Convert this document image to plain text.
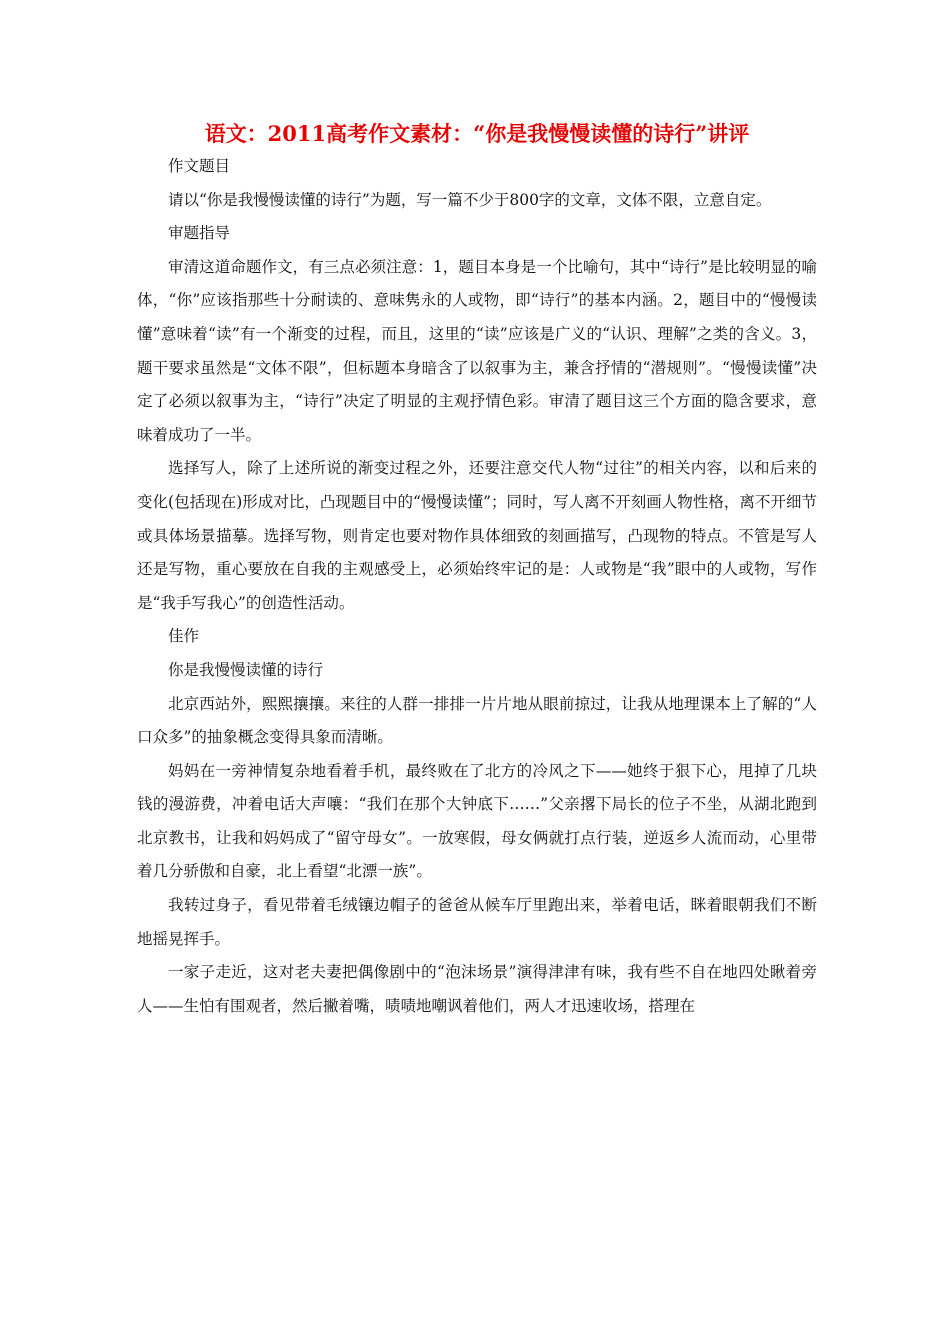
语文：2011高考作文素材：“你是我慢慢读懂的诗行”讲评

作文题目

请以“你是我慢慢读懂的诗行”为题，写一篇不少于800字的文章，文体不限，立意自定。

审题指导

审清这道命题作文，有三点必须注意：1，题目本身是一个比喻句，其中“诗行”是比较明显的喻体，“你”应该指那些十分耐读的、意味隽永的人或物，即“诗行”的基本内涵。2，题目中的“慢慢读懂”意味着“读”有一个渐变的过程，而且，这里的“读”应该是广义的“认识、理解”之类的含义。3，题干要求虽然是“文体不限”，但标题本身暗含了以叙事为主，兼含抒情的“潜规则”。“慢慢读懂”决定了必须以叙事为主，“诗行”决定了明显的主观抒情色彩。审清了题目这三个方面的隐含要求，意味着成功了一半。

选择写人，除了上述所说的渐变过程之外，还要注意交代人物“过往”的相关内容，以和后来的变化(包括现在)形成对比，凸现题目中的“慢慢读懂”；同时，写人离不开刻画人物性格，离不开细节或具体场景描摹。选择写物，则肯定也要对物作具体细致的刻画描写，凸现物的特点。不管是写人还是写物，重心要放在自我的主观感受上，必须始终牢记的是：人或物是“我”眼中的人或物，写作是“我手写我心”的创造性活动。

佳作

你是我慢慢读懂的诗行

北京西站外，熙熙攘攘。来往的人群一排排一片片地从眼前掠过，让我从地理课本上了解的“人口众多”的抽象概念变得具象而清晰。

妈妈在一旁神情复杂地看着手机，最终败在了北方的冷风之下——她终于狠下心，甩掉了几块钱的漫游费，冲着电话大声嚷：“我们在那个大钟底下……”父亲撂下局长的位子不坐，从湖北跑到北京教书，让我和妈妈成了“留守母女”。一放寒假，母女俩就打点行装，逆返乡人流而动，心里带着几分骄傲和自豪，北上看望“北漂一族”。

我转过身子，看见带着毛绒镶边帽子的爸爸从候车厅里跑出来，举着电话，眯着眼朝我们不断地摇晃挥手。

一家子走近，这对老夫妻把偶像剧中的“泡沫场景”演得津津有味，我有些不自在地四处瞅着旁人——生怕有围观者，然后撇着嘴，啧啧地嘲讽着他们，两人才迅速收场，搭理在
